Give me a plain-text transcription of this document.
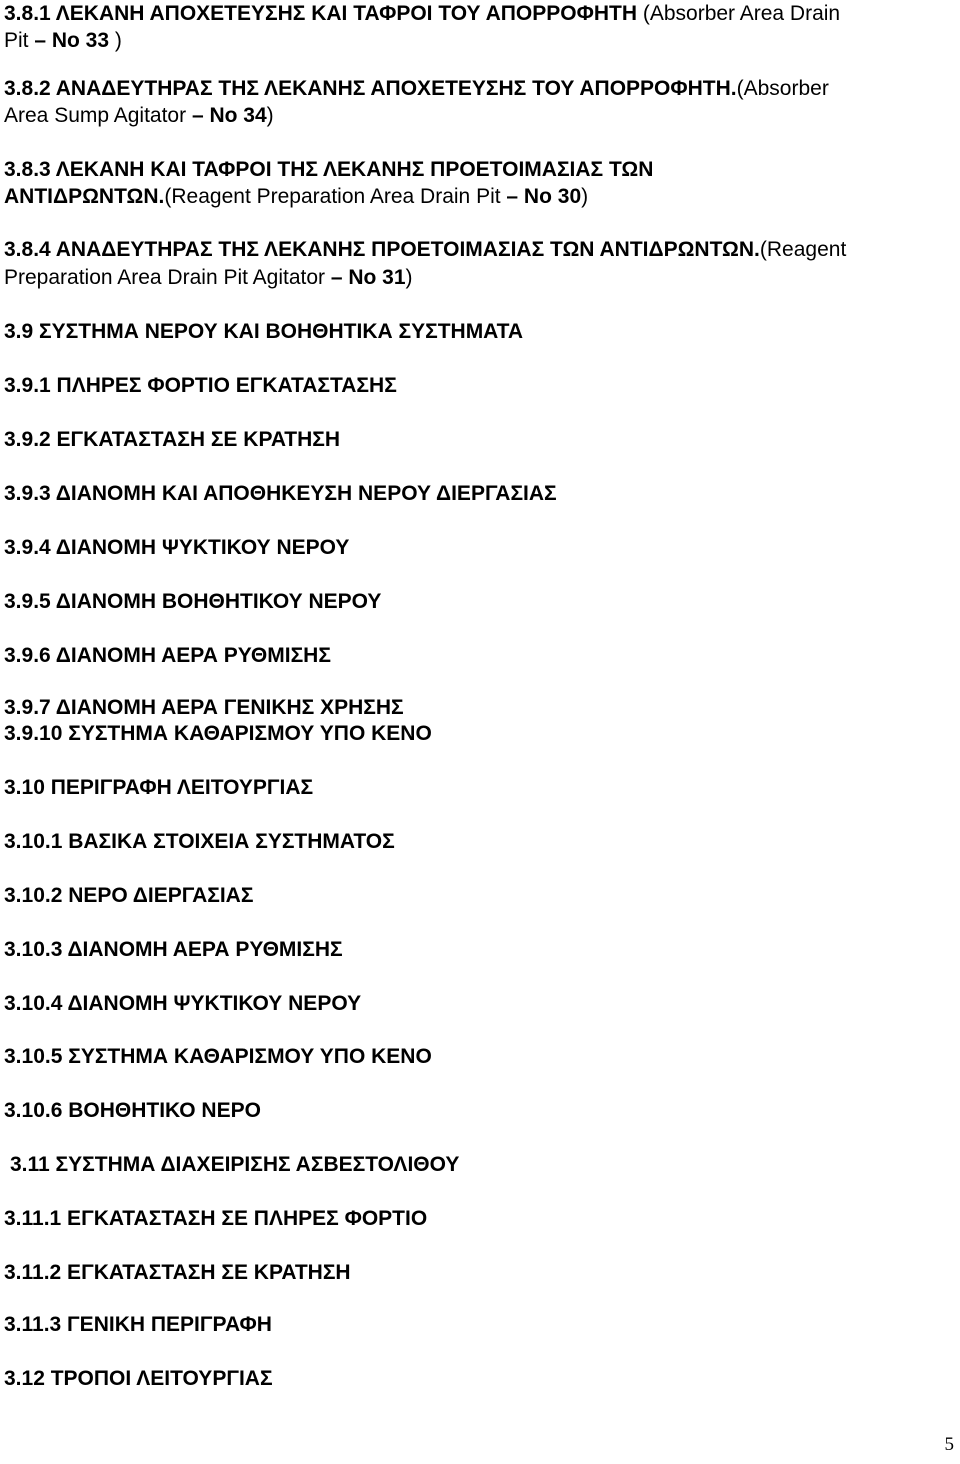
3.8.1 ΛΕΚΑΝΗ ΑΠΟΧΕΤΕΥΣΗΣ ΚΑΙ ΤΑΦΡΟΙ ΤΟΥ ΑΠΟΡΡΟΦΗΤΗ (Absorber Area Drain
Pit – No 33 )
3.8.2 ΑΝΑΔΕΥΤΗΡΑΣ ΤΗΣ ΛΕΚΑΝΗΣ ΑΠΟΧΕΤΕΥΣΗΣ ΤΟΥ ΑΠΟΡΡΟΦΗΤΗ.(Absorber
Area Sump Agitator – No 34)
3.8.3 ΛΕΚΑΝΗ ΚΑΙ ΤΑΦΡΟΙ ΤΗΣ ΛΕΚΑΝΗΣ ΠΡΟΕΤΟΙΜΑΣΙΑΣ ΤΩΝ
ΑΝΤΙΔΡΩΝΤΩΝ.(Reagent Preparation Area Drain Pit – No 30)
3.8.4 ΑΝΑΔΕΥΤΗΡΑΣ ΤΗΣ ΛΕΚΑΝΗΣ ΠΡΟΕΤΟΙΜΑΣΙΑΣ ΤΩΝ ΑΝΤΙΔΡΩΝΤΩΝ.(Reagent
Preparation Area Drain Pit Agitator – No 31)
3.9 ΣΥΣΤΗΜΑ ΝΕΡΟΥ ΚΑΙ ΒΟΗΘΗΤΙΚΑ ΣΥΣΤΗΜΑΤΑ
3.9.1 ΠΛΗΡΕΣ ΦΟΡΤΙΟ ΕΓΚΑΤΑΣΤΑΣΗΣ
3.9.2 ΕΓΚΑΤΑΣΤΑΣΗ ΣΕ ΚΡΑΤΗΣΗ
3.9.3 ΔΙΑΝΟΜΗ ΚΑΙ ΑΠΟΘΗΚΕΥΣΗ ΝΕΡΟΥ ΔΙΕΡΓΑΣΙΑΣ
3.9.4 ΔΙΑΝΟΜΗ ΨΥΚΤΙΚΟΥ ΝΕΡΟΥ
3.9.5 ΔΙΑΝΟΜΗ ΒΟΗΘΗΤΙΚΟΥ ΝΕΡΟΥ
3.9.6 ΔΙΑΝΟΜΗ ΑΕΡΑ ΡΥΘΜΙΣΗΣ
3.9.7 ΔΙΑΝΟΜΗ ΑΕΡΑ ΓΕΝΙΚΗΣ ΧΡΗΣΗΣ
3.9.10 ΣΥΣΤΗΜΑ ΚΑΘΑΡΙΣΜΟΥ ΥΠΟ ΚΕΝΟ
3.10 ΠΕΡΙΓΡΑΦΗ ΛΕΙΤΟΥΡΓΙΑΣ
3.10.1 ΒΑΣΙΚΑ ΣΤΟΙΧΕΙΑ ΣΥΣΤΗΜΑΤΟΣ
3.10.2 ΝΕΡΟ ΔΙΕΡΓΑΣΙΑΣ
3.10.3 ΔΙΑΝΟΜΗ ΑΕΡΑ ΡΥΘΜΙΣΗΣ
3.10.4 ΔΙΑΝΟΜΗ ΨΥΚΤΙΚΟΥ ΝΕΡΟΥ
3.10.5 ΣΥΣΤΗΜΑ ΚΑΘΑΡΙΣΜΟΥ ΥΠΟ ΚΕΝΟ
3.10.6 ΒΟΗΘΗΤΙΚΟ ΝΕΡΟ
3.11 ΣΥΣΤΗΜΑ ΔΙΑΧΕΙΡΙΣΗΣ ΑΣΒΕΣΤΟΛΙΘΟΥ
3.11.1 ΕΓΚΑΤΑΣΤΑΣΗ ΣΕ ΠΛΗΡΕΣ ΦΟΡΤΙΟ
3.11.2 ΕΓΚΑΤΑΣΤΑΣΗ ΣΕ ΚΡΑΤΗΣΗ
3.11.3 ΓΕΝΙΚΗ ΠΕΡΙΓΡΑΦΗ
3.12 ΤΡΟΠΟΙ ΛΕΙΤΟΥΡΓΙΑΣ
5
